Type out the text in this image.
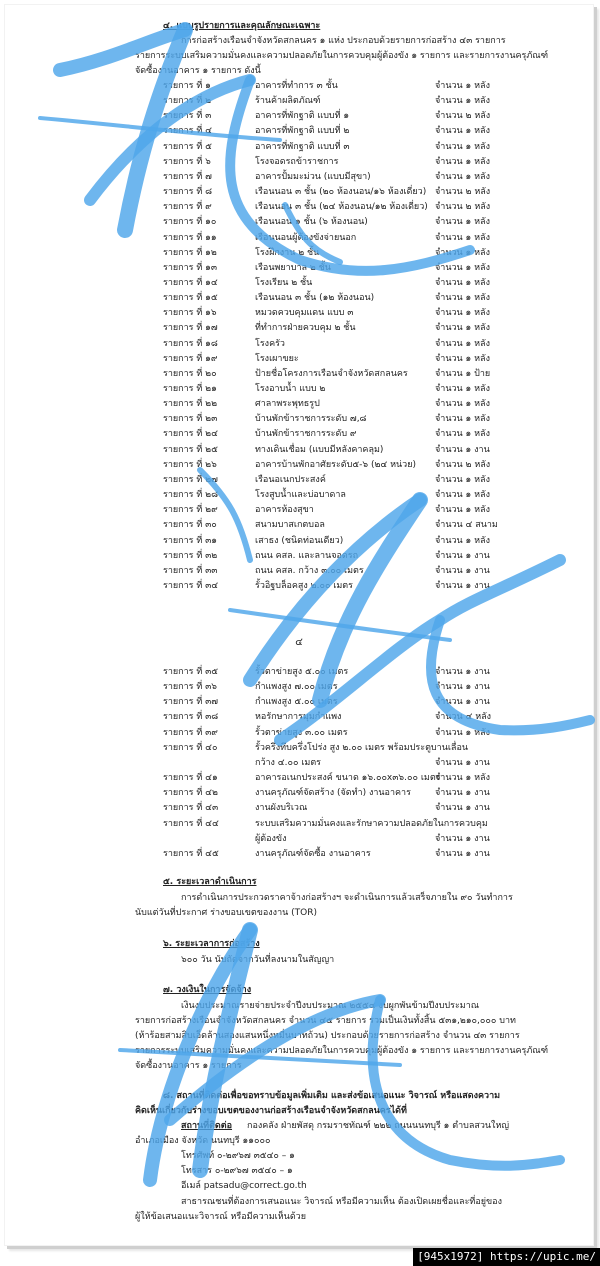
๔. แบบรูปรายการและคุณลักษณะเฉพาะ
การก่อสร้างเรือนจำจังหวัดสกลนคร ๑ แห่ง ประกอบด้วยรายการก่อสร้าง ๔๓ รายการ
รายการระบบเสริมความมั่นคงและความปลอดภัยในการควบคุมผู้ต้องขัง ๑ รายการ และรายการงานครุภัณฑ์
จัดซื้องานอาคาร ๑ รายการ ดังนี้
รายการ ที่ ๑	อาคารที่ทำการ ๓ ชั้น	จำนวน ๑ หลัง
รายการ ที่ ๒	ร้านค้าผลิตภัณฑ์	จำนวน ๑ หลัง
รายการ ที่ ๓	อาคารที่พักฐาติ แบบที่ ๑	จำนวน ๒ หลัง
รายการ ที่ ๔	อาคารที่พักฐาติ แบบที่ ๒	จำนวน ๑ หลัง
รายการ ที่ ๕	อาคารที่พักฐาติ แบบที่ ๓	จำนวน ๑ หลัง
รายการ ที่ ๖	โรงจอดรถข้าราชการ	จำนวน ๑ หลัง
รายการ ที่ ๗	อาคารปั้มมะม่วน (แบบมีสุขา)	จำนวน ๑ หลัง
รายการ ที่ ๘	เรือนนอน ๓ ชั้น (๒๐ ห้องนอน/๑๖ ห้องเดี่ยว) จำนวน ๒ หลัง
รายการ ที่ ๙	เรือนนอน ๓ ชั้น (๒๔ ห้องนอน/๑๒ ห้องเดี่ยว) จำนวน ๒ หลัง
รายการ ที่ ๑๐	เรือนนอน ๑ ชั้น (๖ ห้องนอน)	จำนวน ๑ หลัง
รายการ ที่ ๑๑	เรือนนอนผู้ต้องขังจ่ายนอก	จำนวน ๑ หลัง
รายการ ที่ ๑๒	โรงฝึกงาน ๒ ชั้น	จำนวน ๑ หลัง
รายการ ที่ ๑๓	เรือนพยาบาล ๒ ชั้น	จำนวน ๑ หลัง
รายการ ที่ ๑๔	โรงเรียน ๒ ชั้น	จำนวน ๑ หลัง
รายการ ที่ ๑๕	เรือนนอน ๓ ชั้น (๑๒ ห้องนอน)	จำนวน ๑ หลัง
รายการ ที่ ๑๖	หมวดควบคุมแดน แบบ ๓	จำนวน ๑ หลัง
รายการ ที่ ๑๗	ที่ทำการฝ่ายควบคุม ๒ ชั้น	จำนวน ๑ หลัง
รายการ ที่ ๑๘	โรงครัว	จำนวน ๑ หลัง
รายการ ที่ ๑๙	โรงเผาขยะ	จำนวน ๑ หลัง
รายการ ที่ ๒๐	ป้ายชื่อโครงการเรือนจำจังหวัดสกลนคร	จำนวน ๑ ป้าย
รายการ ที่ ๒๑	โรงอาบน้ำ แบบ ๒	จำนวน ๑ หลัง
รายการ ที่ ๒๒	ศาลาพระพุทธรูป	จำนวน ๑ หลัง
รายการ ที่ ๒๓	บ้านพักข้าราชการระดับ ๗,๘	จำนวน ๑ หลัง
รายการ ที่ ๒๔	บ้านพักข้าราชการระดับ ๙	จำนวน ๑ หลัง
รายการ ที่ ๒๕	ทางเดินเชื่อม (แบบมีหลังคาคลุม)	จำนวน ๑ งาน
รายการ ที่ ๒๖	อาคารบ้านพักอาศัยระดับ๕-๖ (๒๔ หน่วย) จำนวน ๒ หลัง
รายการ ที่ ๒๗	เรือนอเนกประสงค์	จำนวน ๑ หลัง
รายการ ที่ ๒๘	โรงสูบน้ำและบ่อบาดาล	จำนวน ๑ หลัง
รายการ ที่ ๒๙	อาคารห้องสุขา	จำนวน ๑ หลัง
รายการ ที่ ๓๐	สนามบาสเกตบอล	จำนวน ๔ สนาม
รายการ ที่ ๓๑	เสาธง (ชนิดท่อนเดียว)	จำนวน ๑ หลัง
รายการ ที่ ๓๒	ถนน คสล. และลานจอดรถ	จำนวน ๑ งาน
รายการ ที่ ๓๓	ถนน คสล. กว้าง ๓.๐๐ เมตร	จำนวน ๑ งาน
รายการ ที่ ๓๔	รั้วอิฐบล็อคสูง ๒.๐๐ เมตร	จำนวน ๑ งาน
๔
รายการ ที่ ๓๕	รั้วตาข่ายสูง ๕.๐๐ เมตร	จำนวน ๑ งาน
รายการ ที่ ๓๖	กำแพงสูง ๗.๐๐ เมตร	จำนวน ๑ งาน
รายการ ที่ ๓๗	กำแพงสูง ๕.๐๐ เมตร	จำนวน ๑ งาน
รายการ ที่ ๓๘	หอรักษาการมุมกำแพง	จำนวน ๔ หลัง
รายการ ที่ ๓๙	รั้วตาข่ายสูง ๓.๐๐ เมตร	จำนวน ๑ หลัง
รายการ ที่ ๔๐	รั้วครึ่งทึบครึ่งโปร่ง สูง ๒.๐๐ เมตร พร้อมประตูบานเลื่อน
กว้าง ๔.๐๐ เมตร	จำนวน ๑ งาน
รายการ ที่ ๔๑	อาคารอเนกประสงค์ ขนาด ๑๖.๐๐x๓๖.๐๐ เมตร
จำนวน ๑ หลัง
รายการ ที่ ๔๒	งานครุภัณฑ์จัดสร้าง (จัดทำ) งานอาคาร	จำนวน ๑ งาน
รายการ ที่ ๔๓	งานผังบริเวณ	จำนวน ๑ งาน
รายการ ที่ ๔๔	ระบบเสริมความมั่นคงและรักษาความปลอดภัยในการควบคุม
ผู้ต้องขัง	จำนวน ๑ งาน
รายการ ที่ ๔๕	งานครุภัณฑ์จัดซื้อ งานอาคาร	จำนวน ๑ งาน
๕. ระยะเวลาดำเนินการ
การดำเนินการประกวดราคาจ้างก่อสร้างฯ จะดำเนินการแล้วเสร็จภายใน ๙๐ วันทำการ
นับแต่วันที่ประกาศ ร่างขอบเขตของงาน (TOR)
๖. ระยะเวลาการก่อสร้าง
๖๐๐ วัน นับถัดจากวันที่ลงนามในสัญญา
๗. วงเงินในการจัดจ้าง
เงินงบประมาณรายจ่ายประจำปีงบประมาณ ๒๕๕๔ งบผูกพันข้ามปีงบประมาณ
รายการก่อสร้างเรือนจำจังหวัดสกลนคร จำนวน ๔๕ รายการ รวมเป็นเงินทั้งสิ้น ๕๓๑,๒๑๐,๐๐๐ บาท
(ห้าร้อยสามสิบเอ็ดล้านสองแสนหนึ่งหมื่นบาทถ้วน) ประกอบด้วยรายการก่อสร้าง จำนวน ๔๓ รายการ
รายการระบบเสริมความมั่นคงและความปลอดภัยในการควบคุมผู้ต้องขัง ๑ รายการ และรายการงานครุภัณฑ์
จัดซื้องานอาคาร ๑ รายการ
๘. สถานที่ติดต่อเพื่อขอทราบข้อมูลเพิ่มเติม และส่งข้อเสนอแนะ วิจารณ์ หรือแสดงความ
คิดเห็นเกี่ยวกับร่างขอบเขตของงานก่อสร้างเรือนจำจังหวัดสกลนครได้ที่
สถานที่ติดต่อ กองคลัง ฝ่ายพัสดุ กรมราชทัณฑ์ ๒๒๒ ถนนนนทบุรี ๑ ตำบลสวนใหญ่
อำเภอเมือง จังหวัด นนทบุรี ๑๑๐๐๐
โทรศัพท์ ๐-๒๙๖๗ ๓๕๔๐ – ๑
โทรสาร ๐-๒๙๖๗ ๓๕๔๐ – ๑
อีเมล์ patsadu@correct.go.th
สาธารณชนที่ต้องการเสนอแนะ วิจารณ์ หรือมีความเห็น ต้องเปิดเผยชื่อและที่อยู่ของ
ผู้ให้ข้อเสนอแนะวิจารณ์ หรือมีความเห็นด้วย
[945x1972] https://upic.me/
